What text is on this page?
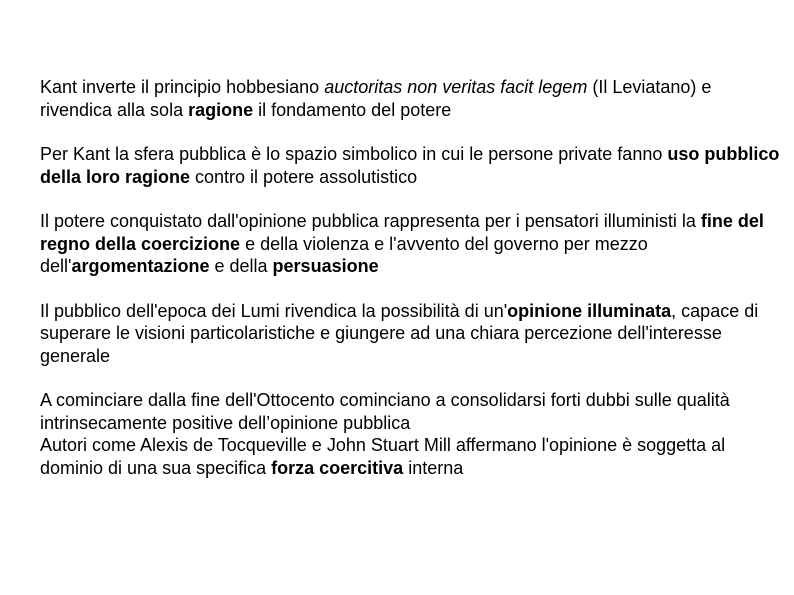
Kant inverte il principio hobbesiano auctoritas non veritas facit legem (Il Leviatano) e rivendica alla sola ragione il fondamento del potere

Per Kant la sfera pubblica è lo spazio simbolico in cui le persone private fanno uso pubblico della loro ragione contro il potere assolutistico

Il potere conquistato dall'opinione pubblica rappresenta per i pensatori illuministi la fine del regno della coercizione e della violenza e l'avvento del governo per mezzo dell'argomentazione e della persuasione

Il pubblico dell'epoca dei Lumi rivendica la possibilità di un'opinione illuminata, capace di superare le visioni particolaristiche e giungere ad una chiara percezione dell'interesse generale

A cominciare dalla fine dell'Ottocento cominciano a consolidarsi forti dubbi sulle qualità intrinsecamente positive dell’opinione pubblica

Autori come Alexis de Tocqueville e John Stuart Mill affermano l'opinione è soggetta al dominio di una sua specifica forza coercitiva interna
